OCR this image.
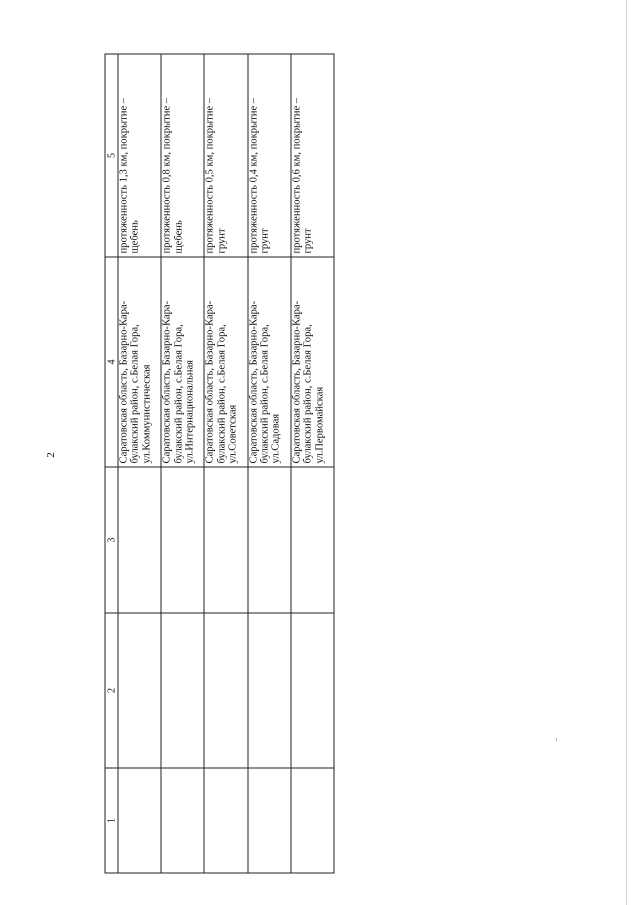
2
1	2	3	4	5

			Саратовская область, Базарно-Кара- булакский район, с.Белая Гора, ул.Коммунистическая	протяженность 1,3 км, покрытие – щебень

			Саратовская область, Базарно-Кара- булакский район, с.Белая Гора, ул.Интернациональная	протяженность 0,8 км, покрытие – щебень

			Саратовская область, Базарно-Кара- булакский район, с.Белая Гора, ул.Советская	протяженность 0,5 км, покрытие – грунт

			Саратовская область, Базарно-Кара- булакский район, с.Белая Гора, ул.Садовая	протяженность 0,4 км, покрытие – грунт

			Саратовская область, Базарно-Кара- булакский район, с.Белая Гора, ул.Первомайская	протяженность 0,6 км, покрытие – грунт
